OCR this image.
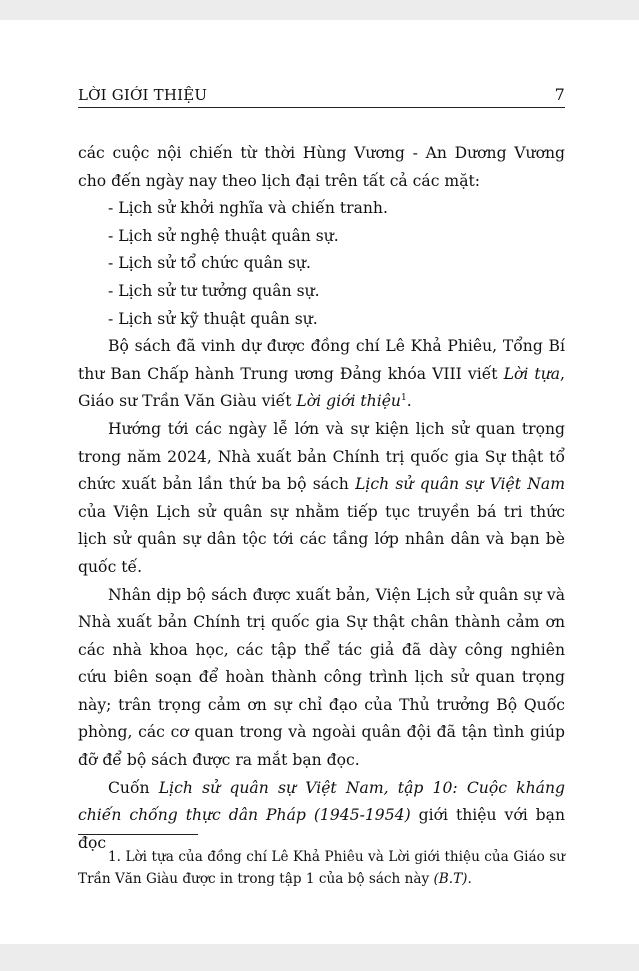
LỜI GIỚI THIỆU	7

các cuộc nội chiến từ thời Hùng Vương - An Dương Vương cho đến ngày nay theo lịch đại trên tất cả các mặt:

- Lịch sử khởi nghĩa và chiến tranh.

- Lịch sử nghệ thuật quân sự.

- Lịch sử tổ chức quân sự.

- Lịch sử tư tưởng quân sự.

- Lịch sử kỹ thuật quân sự.

Bộ sách đã vinh dự được đồng chí Lê Khả Phiêu, Tổng Bí thư Ban Chấp hành Trung ương Đảng khóa VIII viết Lời tựa, Giáo sư Trần Văn Giàu viết Lời giới thiệu$^1$.

Hướng tới các ngày lễ lớn và sự kiện lịch sử quan trọng trong năm 2024, Nhà xuất bản Chính trị quốc gia Sự thật tổ chức xuất bản lần thứ ba bộ sách Lịch sử quân sự Việt Nam của Viện Lịch sử quân sự nhằm tiếp tục truyền bá tri thức lịch sử quân sự dân tộc tới các tầng lớp nhân dân và bạn bè quốc tế.

Nhân dịp bộ sách được xuất bản, Viện Lịch sử quân sự và Nhà xuất bản Chính trị quốc gia Sự thật chân thành cảm ơn các nhà khoa học, các tập thể tác giả đã dày công nghiên cứu biên soạn để hoàn thành công trình lịch sử quan trọng này; trân trọng cảm ơn sự chỉ đạo của Thủ trưởng Bộ Quốc phòng, các cơ quan trong và ngoài quân đội đã tận tình giúp đỡ để bộ sách được ra mắt bạn đọc.

Cuốn Lịch sử quân sự Việt Nam, tập 10: Cuộc kháng chiến chống thực dân Pháp (1945-1954) giới thiệu với bạn đọc

1. Lời tựa của đồng chí Lê Khả Phiêu và Lời giới thiệu của Giáo sư Trần Văn Giàu được in trong tập 1 của bộ sách này (B.T).
